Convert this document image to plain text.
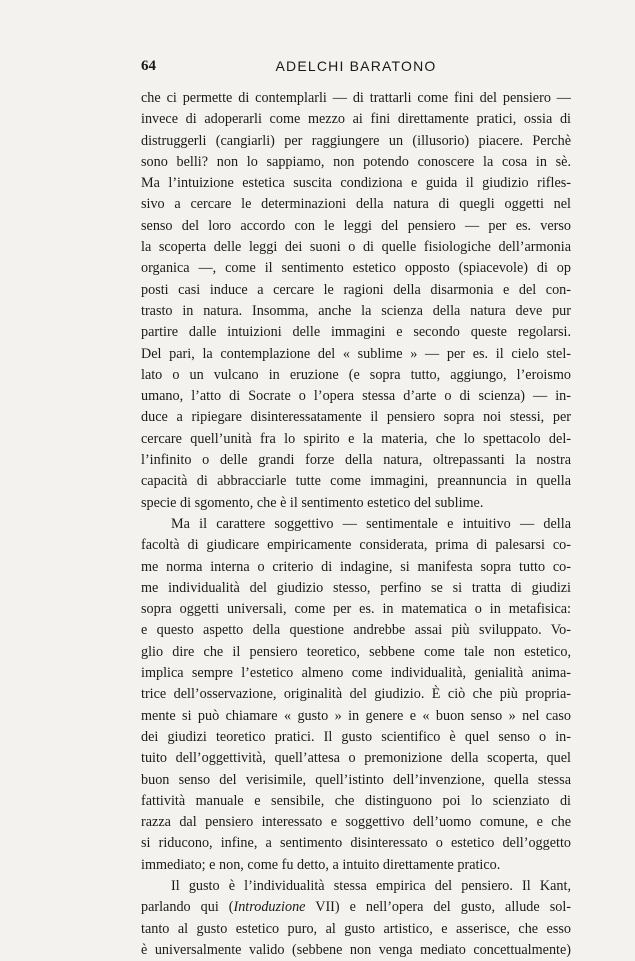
64	ADELCHI BARATONO
che ci permette di contemplarli — di trattarli come fini del pensiero —
invece di adoperarli come mezzo ai fini direttamente pratici, ossia di
distruggerli (cangiarli) per raggiungere un (illusorio) piacere. Perchè
sono belli? non lo sappiamo, non potendo conoscere la cosa in sè.
Ma l’intuizione estetica suscita condiziona e guida il giudizio rifles-
sivo a cercare le determinazioni della natura di quegli oggetti nel
senso del loro accordo con le leggi del pensiero — per es. verso
la scoperta delle leggi dei suoni o di quelle fisiologiche dell’armonia
organica —, come il sentimento estetico opposto (spiacevole) di op
posti casi induce a cercare le ragioni della disarmonia e del con-
trasto in natura. Insomma, anche la scienza della natura deve pur
partire dalle intuizioni delle immagini e secondo queste regolarsi.
Del pari, la contemplazione del « sublime » — per es. il cielo stel-
lato o un vulcano in eruzione (e sopra tutto, aggiungo, l’eroismo
umano, l’atto di Socrate o l’opera stessa d’arte o di scienza) — in-
duce a ripiegare disinteressatamente il pensiero sopra noi stessi, per
cercare quell’unità fra lo spirito e la materia, che lo spettacolo del-
l’infinito o delle grandi forze della natura, oltrepassanti la nostra
capacità di abbracciarle tutte come immagini, preannuncia in quella
specie di sgomento, che è il sentimento estetico del sublime.
Ma il carattere soggettivo — sentimentale e intuitivo — della
facoltà di giudicare empiricamente considerata, prima di palesarsi co-
me norma interna o criterio di indagine, si manifesta sopra tutto co-
me individualità del giudizio stesso, perfino se si tratta di giudizi
sopra oggetti universali, come per es. in matematica o in metafisica:
e questo aspetto della questione andrebbe assai più sviluppato. Vo-
glio dire che il pensiero teoretico, sebbene come tale non estetico,
implica sempre l’estetico almeno come individualità, genialità anima-
trice dell’osservazione, originalità del giudizio. È ciò che più propria-
mente si può chiamare « gusto » in genere e « buon senso » nel caso
dei giudizi teoretico pratici. Il gusto scientifico è quel senso o in-
tuito dell’oggettività, quell’attesa o premonizione della scoperta, quel
buon senso del verisimile, quell’istinto dell’invenzione, quella stessa
fattività manuale e sensibile, che distinguono poi lo scienziato di
razza dal pensiero interessato e soggettivo dell’uomo comune, e che
si riducono, infine, a sentimento disinteressato o estetico dell’oggetto
immediato; e non, come fu detto, a intuito direttamente pratico.
Il gusto è l’individualità stessa empirica del pensiero. Il Kant,
parlando qui (Introduzione VII) e nell’opera del gusto, allude sol-
tanto al gusto estetico puro, al gusto artistico, e asserisce, che esso
è universalmente valido (sebbene non venga mediato concettualmente)
